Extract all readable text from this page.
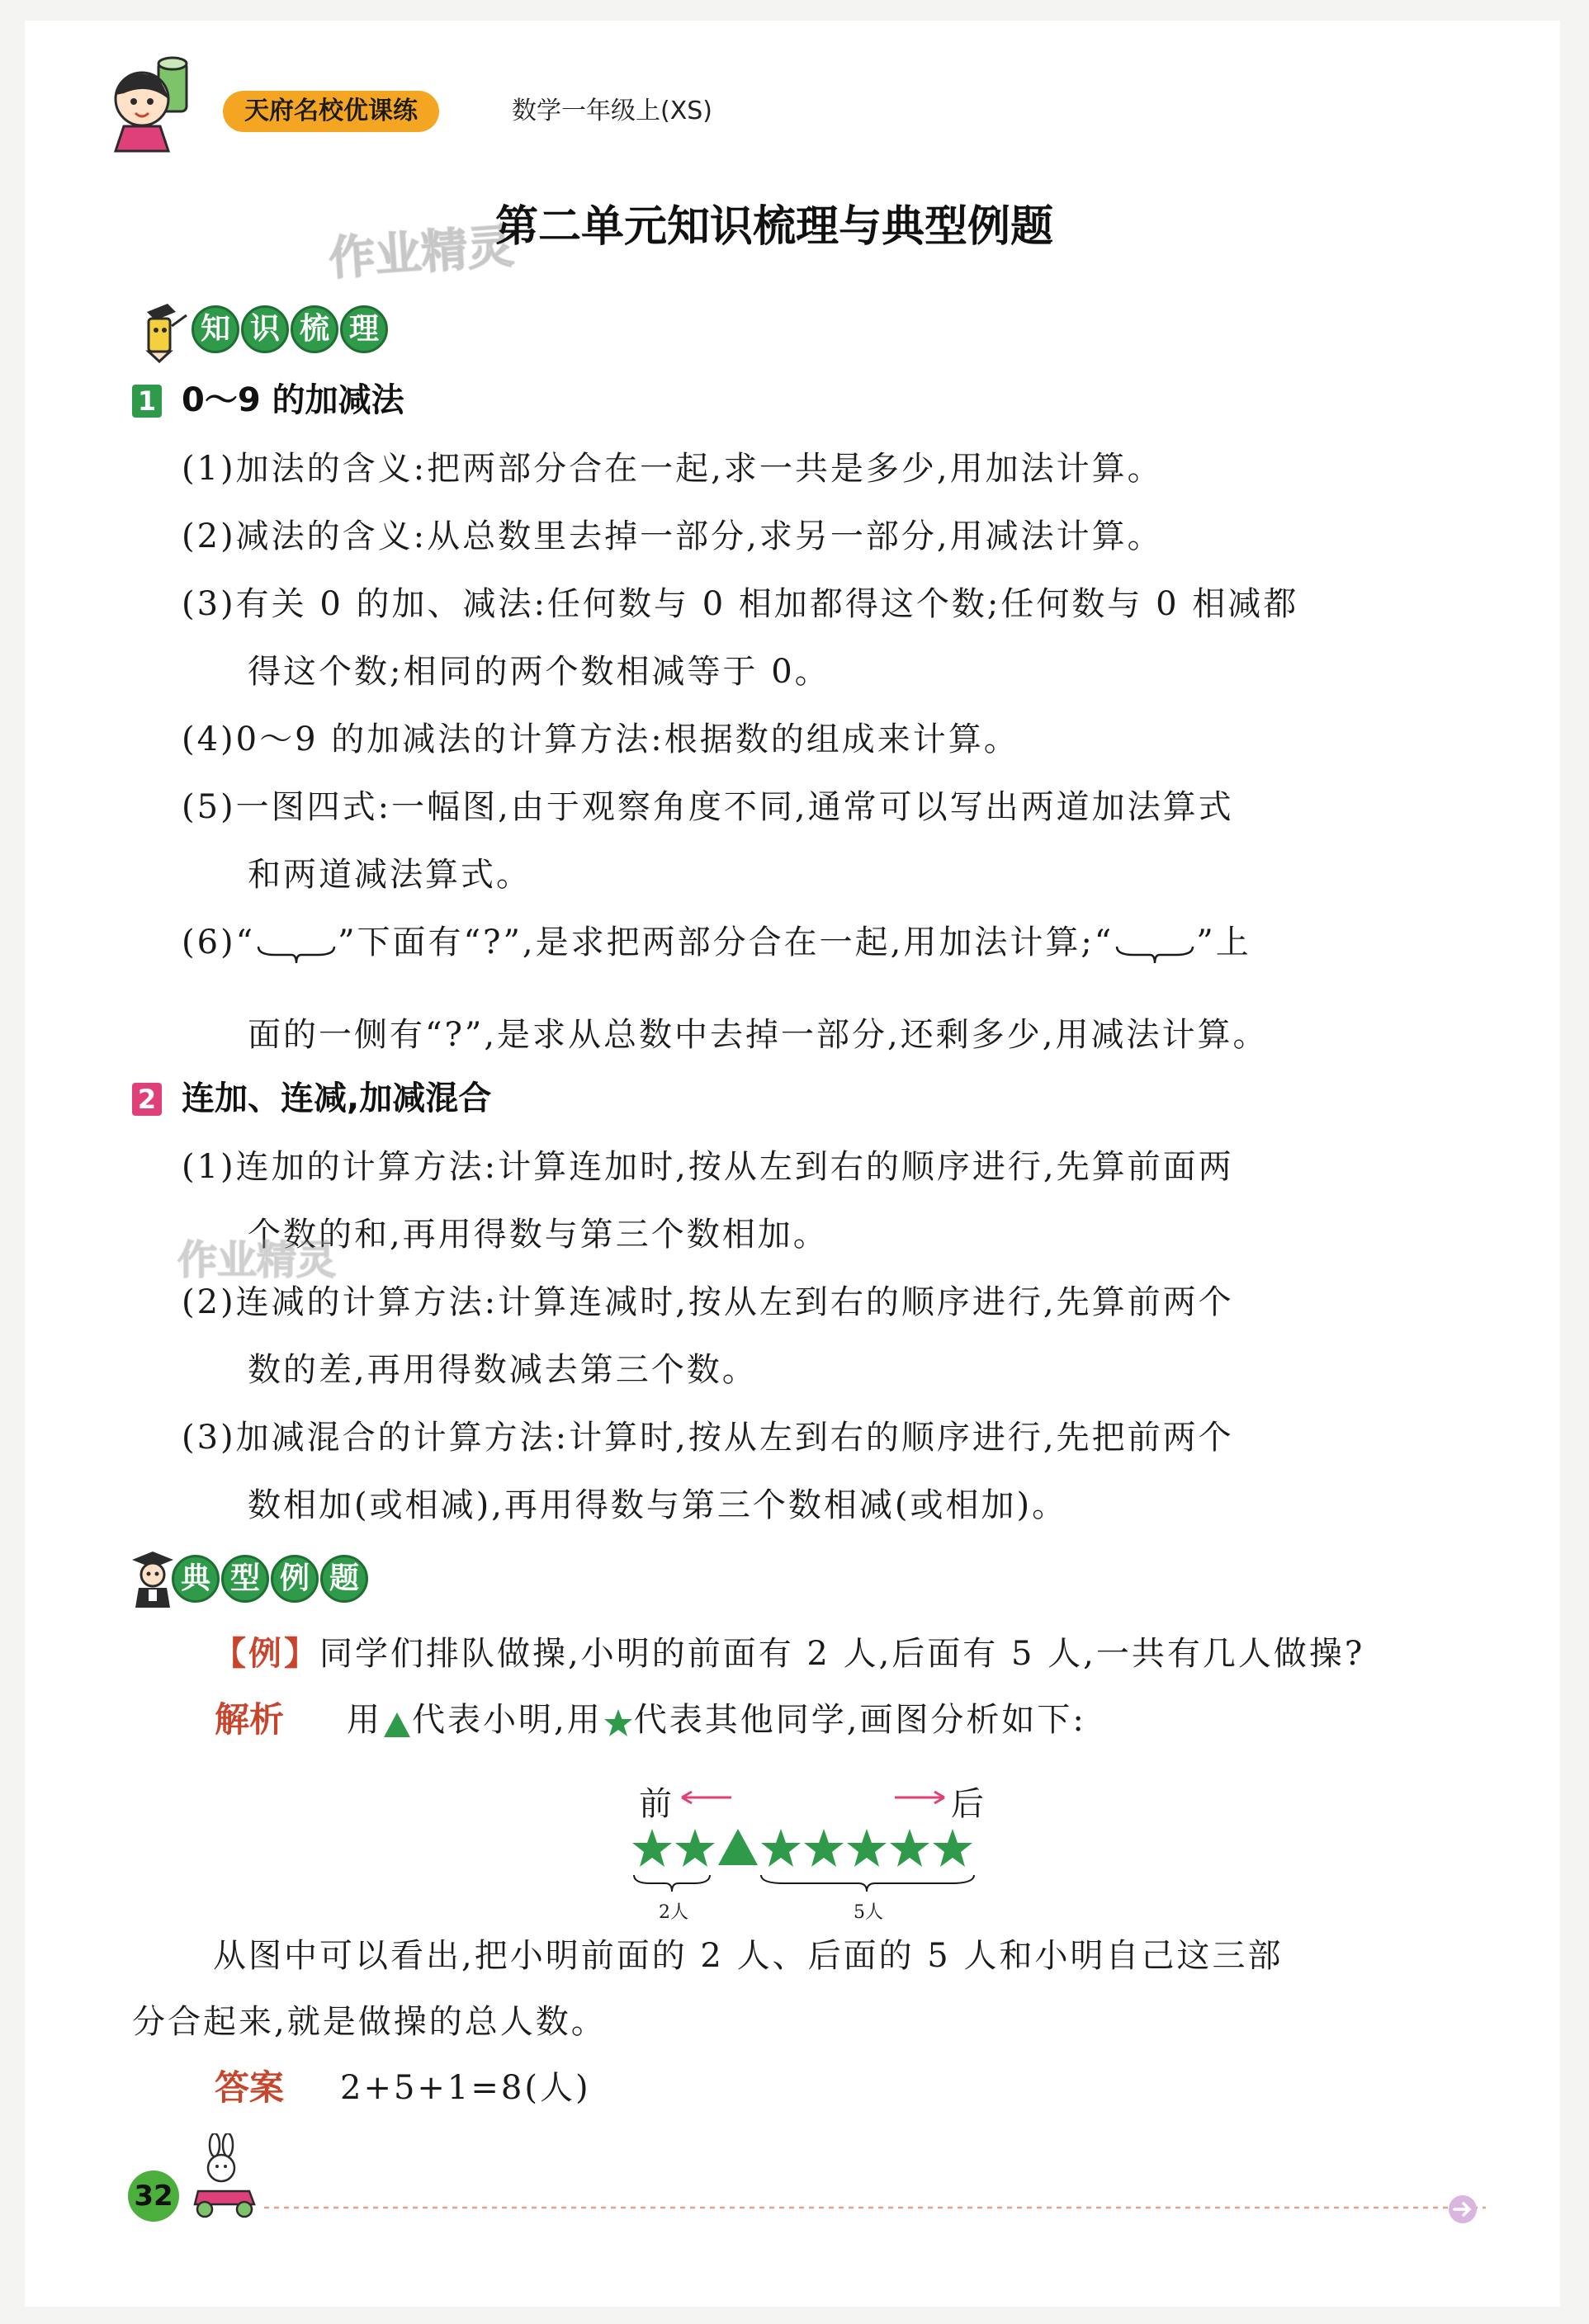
天府名校优课练	数学一年级上(XS)
作业精灵
第二单元知识梳理与典型例题
知 识 梳 理
1 0～9 的加减法
(1)加法的含义:把两部分合在一起,求一共是多少,用加法计算。
(2)减法的含义:从总数里去掉一部分,求另一部分,用减法计算。
(3)有关 0 的加、减法:任何数与 0 相加都得这个数;任何数与 0 相减都
得这个数;相同的两个数相减等于 0。
(4)0～9 的加减法的计算方法:根据数的组成来计算。
(5)一图四式:一幅图,由于观察角度不同,通常可以写出两道加法算式
和两道减法算式。
(6)“	”下面有“?”,是求把两部分合在一起,用加法计算;“	”上
面的一侧有“?”,是求从总数中去掉一部分,还剩多少,用减法计算。
2 连加、连减,加减混合
(1)连加的计算方法:计算连加时,按从左到右的顺序进行,先算前面两
个数的和,再用得数与第三个数相加。
作业精灵
(2)连减的计算方法:计算连减时,按从左到右的顺序进行,先算前两个
数的差,再用得数减去第三个数。
(3)加减混合的计算方法:计算时,按从左到右的顺序进行,先把前两个
数相加(或相减),再用得数与第三个数相减(或相加)。
典 型 例 题
【例】同学们排队做操,小明的前面有 2 人,后面有 5 人,一共有几人做操?
解析 用 代表小明,用 代表其他同学,画图分析如下:
前	后
2人	5人
从图中可以看出,把小明前面的 2 人、后面的 5 人和小明自己这三部
分合起来,就是做操的总人数。
答案 2+5+1=8(人)
32
